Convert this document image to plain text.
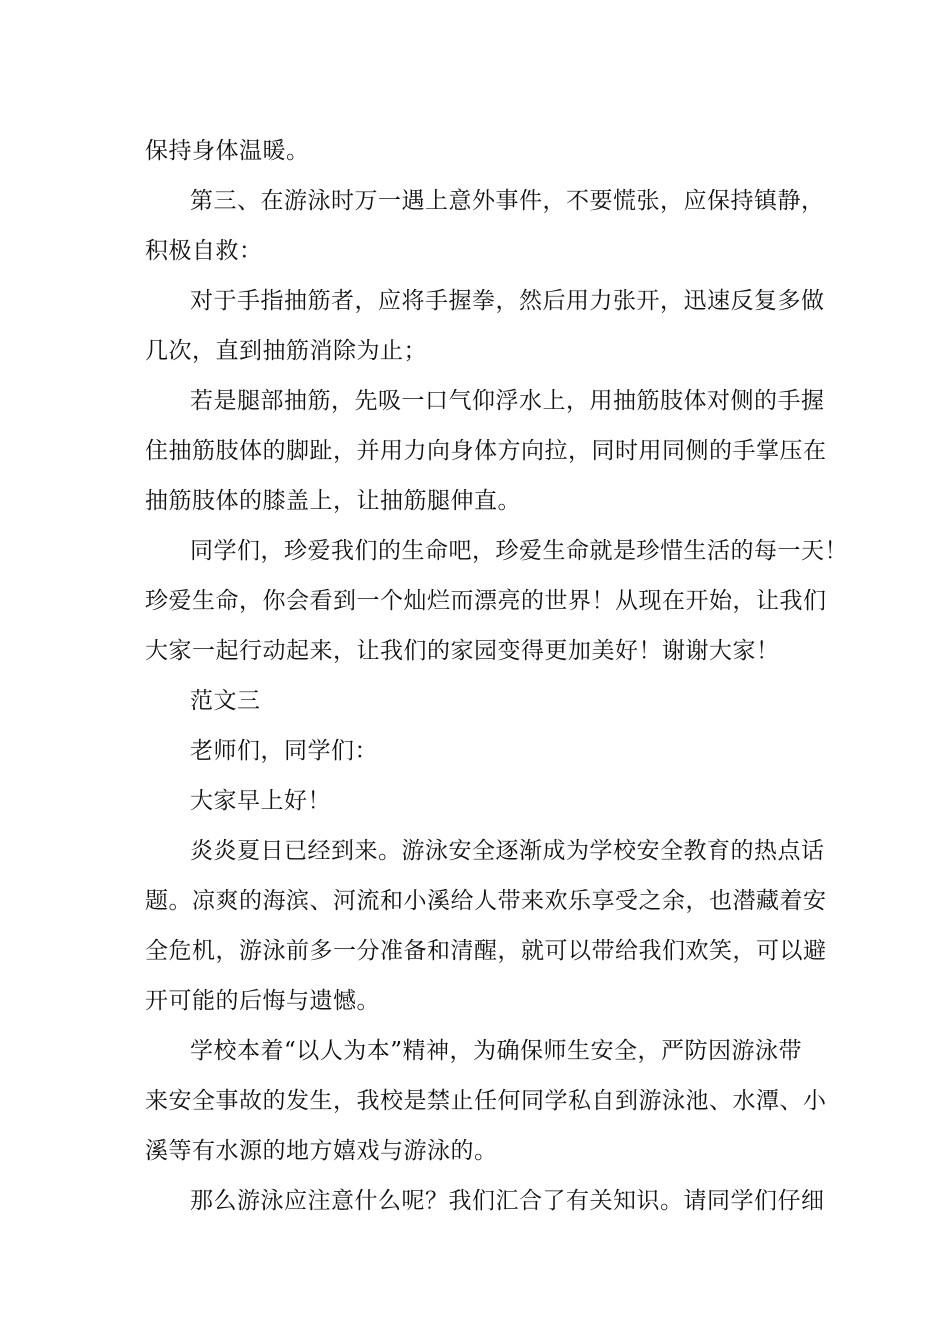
保持身体温暖。
第三、在游泳时万一遇上意外事件，不要慌张，应保持镇静，
积极自救：
对于手指抽筋者，应将手握拳，然后用力张开，迅速反复多做
几次，直到抽筋消除为止；
若是腿部抽筋，先吸一口气仰浮水上，用抽筋肢体对侧的手握
住抽筋肢体的脚趾，并用力向身体方向拉，同时用同侧的手掌压在
抽筋肢体的膝盖上，让抽筋腿伸直。
同学们，珍爱我们的生命吧，珍爱生命就是珍惜生活的每一天！
珍爱生命，你会看到一个灿烂而漂亮的世界！从现在开始，让我们
大家一起行动起来，让我们的家园变得更加美好！谢谢大家！
范文三
老师们，同学们：
大家早上好！
炎炎夏日已经到来。游泳安全逐渐成为学校安全教育的热点话
题。凉爽的海滨、河流和小溪给人带来欢乐享受之余，也潜藏着安
全危机，游泳前多一分准备和清醒，就可以带给我们欢笑，可以避
开可能的后悔与遗憾。
学校本着“以人为本”精神，为确保师生安全，严防因游泳带
来安全事故的发生，我校是禁止任何同学私自到游泳池、水潭、小
溪等有水源的地方嬉戏与游泳的。
那么游泳应注意什么呢？我们汇合了有关知识。请同学们仔细
